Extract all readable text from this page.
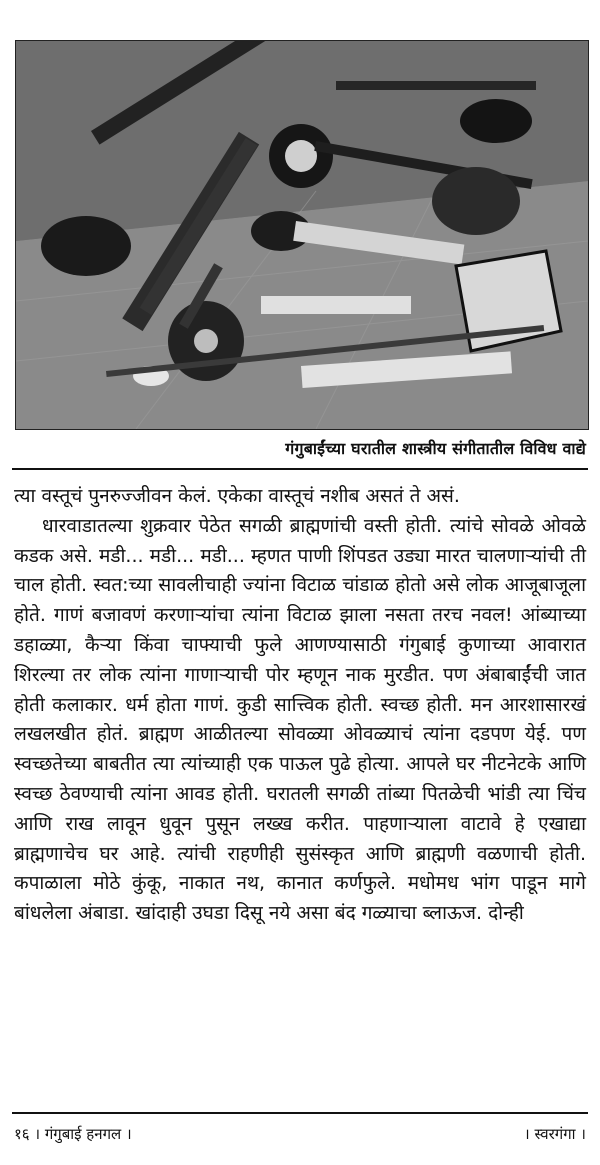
गंगुबाईंच्या घरातील शास्त्रीय संगीतातील विविध वाद्ये

त्या वस्तूचं पुनरुज्जीवन केलं. एकेका वास्तूचं नशीब असतं ते असं.

धारवाडातल्या शुक्रवार पेठेत सगळी ब्राह्मणांची वस्ती होती. त्यांचे सोवळे ओवळे कडक असे. मडी... मडी... मडी... म्हणत पाणी शिंपडत उड्या मारत चालणाऱ्यांची ती चाल होती. स्वत:च्या सावलीचाही ज्यांना विटाळ चांडाळ होतो असे लोक आजूबाजूला होते. गाणं बजावणं करणाऱ्यांचा त्यांना विटाळ झाला नसता तरच नवल! आंब्याच्या डहाळ्या, कैऱ्या किंवा चाफ्याची फुले आणण्यासाठी गंगुबाई कुणाच्या आवारात शिरल्या तर लोक त्यांना गाणाऱ्याची पोर म्हणून नाक मुरडीत. पण अंबाबाईंची जात होती कलाकार. धर्म होता गाणं. कुडी सात्त्विक होती. स्वच्छ होती. मन आरशासारखं लखलखीत होतं. ब्राह्मण आळीतल्या सोवळ्या ओवळ्याचं त्यांना दडपण येई. पण स्वच्छतेच्या बाबतीत त्या त्यांच्याही एक पाऊल पुढे होत्या. आपले घर नीटनेटके आणि स्वच्छ ठेवण्याची त्यांना आवड होती. घरातली सगळी तांब्या पितळेची भांडी त्या चिंच आणि राख लावून धुवून पुसून लख्ख करीत. पाहणाऱ्याला वाटावे हे एखाद्या ब्राह्मणाचेच घर आहे. त्यांची राहणीही सुसंस्कृत आणि ब्राह्मणी वळणाची होती. कपाळाला मोठे कुंकू, नाकात नथ, कानात कर्णफुले. मधोमध भांग पाडून मागे बांधलेला अंबाडा. खांदाही उघडा दिसू नये असा बंद गळ्याचा ब्लाऊज. दोन्ही

१६ । गंगुबाई हनगल ।	। स्वरगंगा ।
